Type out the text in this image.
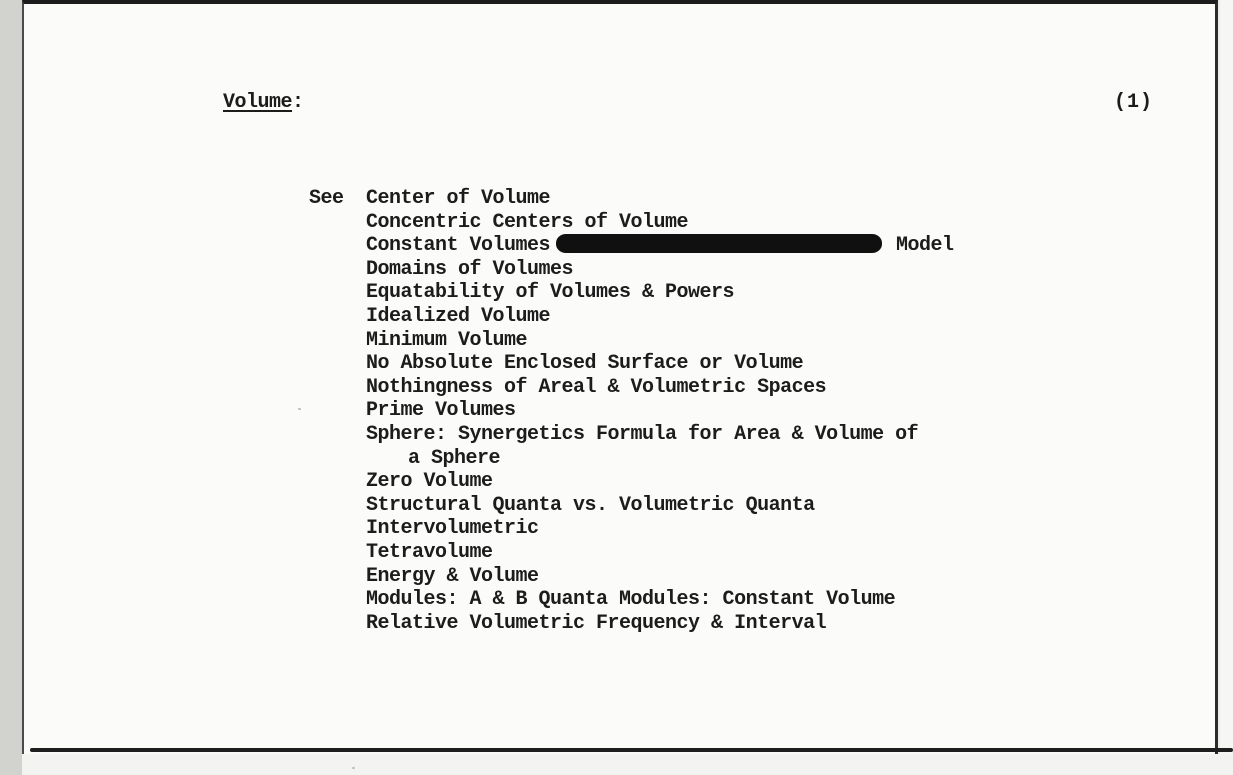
Volume:	(1)
See Center of Volume
Concentric Centers of Volume
Constant Volumes	Model
Domains of Volumes
Equatability of Volumes & Powers
Idealized Volume
Minimum Volume
No Absolute Enclosed Surface or Volume
Nothingness of Areal & Volumetric Spaces
Prime Volumes
Sphere: Synergetics Formula for Area & Volume of
a Sphere
Zero Volume
Structural Quanta vs. Volumetric Quanta
Intervolumetric
Tetravolume
Energy & Volume
Modules: A & B Quanta Modules: Constant Volume
Relative Volumetric Frequency & Interval
